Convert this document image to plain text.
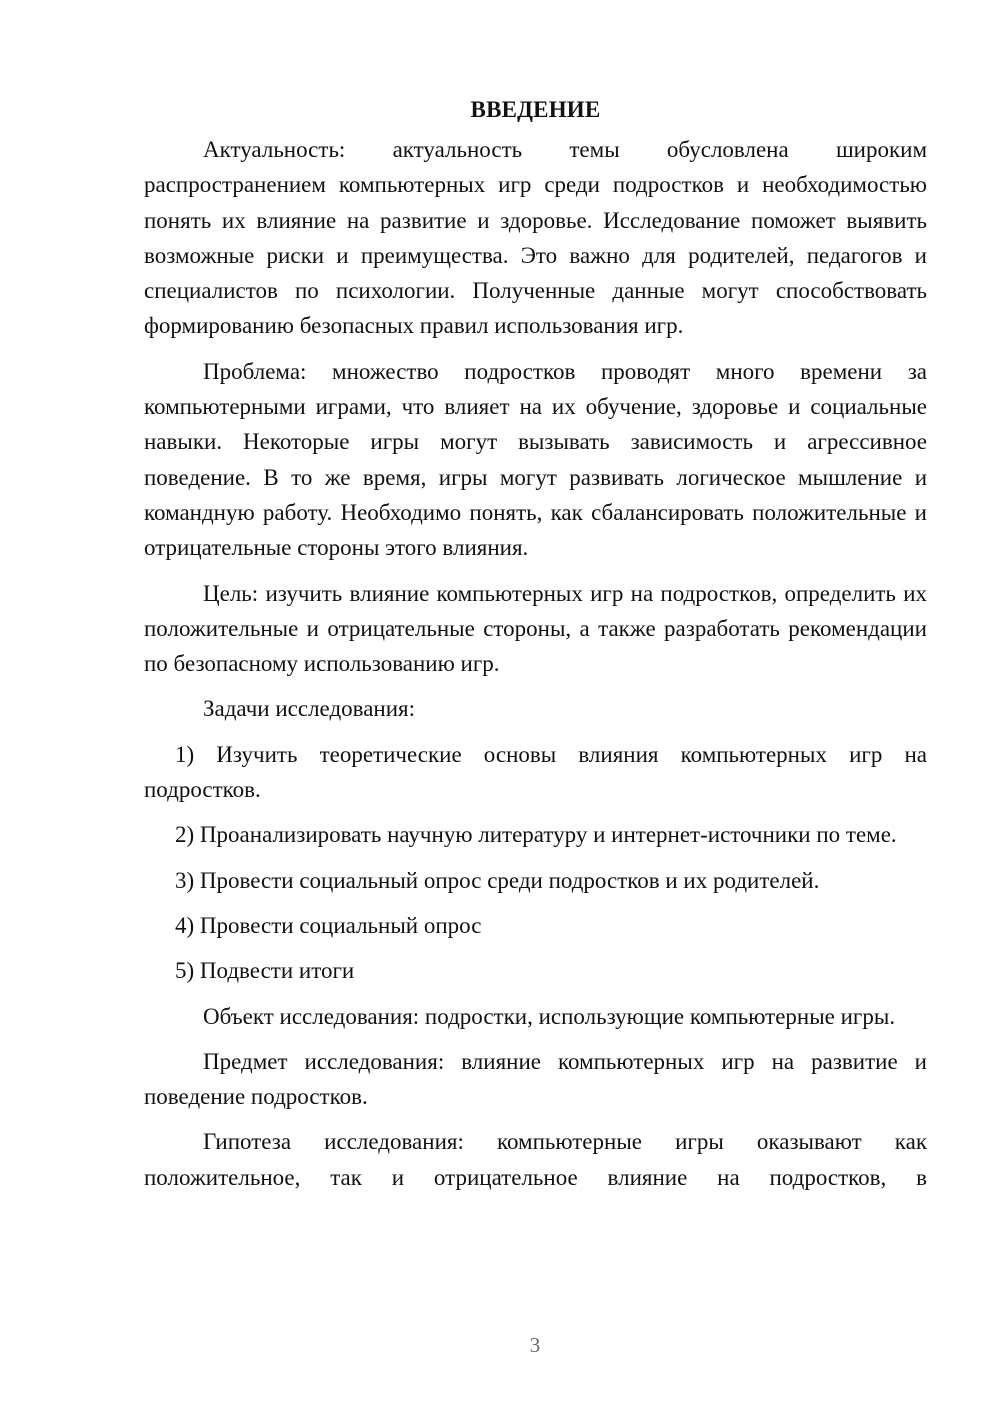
ВВЕДЕНИЕ

Актуальность: актуальность темы обусловлена широким распространением компьютерных игр среди подростков и необходимостью понять их влияние на развитие и здоровье. Исследование поможет выявить возможные риски и преимущества. Это важно для родителей, педагогов и специалистов по психологии. Полученные данные могут способствовать формированию безопасных правил использования игр.

Проблема: множество подростков проводят много времени за компьютерными играми, что влияет на их обучение, здоровье и социальные навыки. Некоторые игры могут вызывать зависимость и агрессивное поведение. В то же время, игры могут развивать логическое мышление и командную работу. Необходимо понять, как сбалансировать положительные и отрицательные стороны этого влияния.

Цель: изучить влияние компьютерных игр на подростков, определить их положительные и отрицательные стороны, а также разработать рекомендации по безопасному использованию игр.

Задачи исследования:

1) Изучить теоретические основы влияния компьютерных игр на подростков.

2) Проанализировать научную литературу и интернет-источники по теме.

3) Провести социальный опрос среди подростков и их родителей.

4) Провести социальный опрос

5) Подвести итоги

Объект исследования: подростки, использующие компьютерные игры.

Предмет исследования: влияние компьютерных игр на развитие и поведение подростков.

Гипотеза исследования: компьютерные игры оказывают как положительное, так и отрицательное влияние на подростков, в

3
